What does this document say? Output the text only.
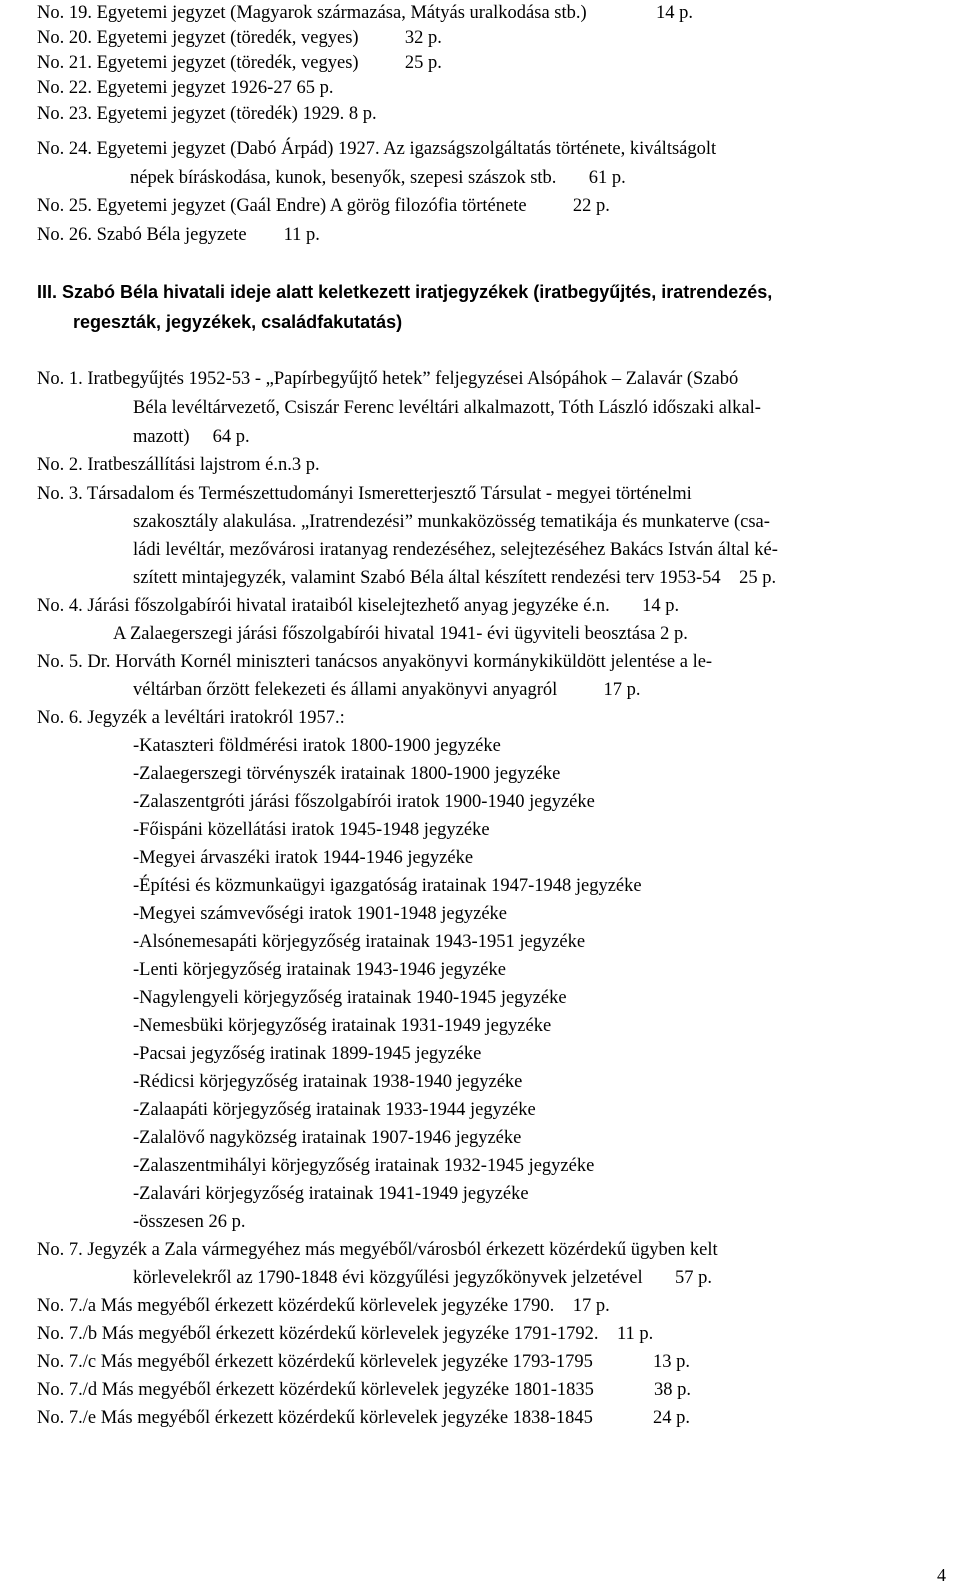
No. 19. Egyetemi jegyzet (Magyarok származása, Mátyás uralkodása stb.)               14 p.
No. 20. Egyetemi jegyzet (töredék, vegyes)          32 p.
No. 21. Egyetemi jegyzet (töredék, vegyes)          25 p.
No. 22. Egyetemi jegyzet 1926-27 65 p.
No. 23. Egyetemi jegyzet (töredék) 1929. 8 p.
No. 24. Egyetemi jegyzet (Dabó Árpád) 1927. Az igazságszolgáltatás története, kiváltságolt
népek bíráskodása, kunok, besenyők, szepesi szászok stb.       61 p.
No. 25. Egyetemi jegyzet (Gaál Endre) A görög filozófia története          22 p.
No. 26. Szabó Béla jegyzete        11 p.
III. Szabó Béla hivatali ideje alatt keletkezett iratjegyzékek (iratbegyűjtés, iratrendezés,
regeszták, jegyzékek, családfakutatás)
No. 1. Iratbegyűjtés 1952-53 - „Papírbegyűjtő hetek” feljegyzései Alsópáhok – Zalavár (Szabó
Béla levéltárvezető, Csiszár Ferenc levéltári alkalmazott, Tóth László időszaki alkal-
mazott)     64 p.
No. 2. Iratbeszállítási lajstrom é.n.3 p.
No. 3. Társadalom és Természettudományi Ismeretterjesztő Társulat - megyei történelmi
szakosztály alakulása. „Iratrendezési” munkaközösség tematikája és munkaterve (csa-
ládi levéltár, mezővárosi iratanyag rendezéséhez, selejtezéséhez Bakács István által ké-
szített mintajegyzék, valamint Szabó Béla által készített rendezési terv 1953-54    25 p.
No. 4. Járási főszolgabírói hivatal irataiból kiselejtezhető anyag jegyzéke é.n.       14 p.
A Zalaegerszegi járási főszolgabírói hivatal 1941- évi ügyviteli beosztása 2 p.
No. 5. Dr. Horváth Kornél miniszteri tanácsos anyakönyvi kormánykiküldött jelentése a le-
véltárban őrzött felekezeti és állami anyakönyvi anyagról          17 p.
No. 6. Jegyzék a levéltári iratokról 1957.:
-Kataszteri földmérési iratok 1800-1900 jegyzéke
-Zalaegerszegi törvényszék iratainak 1800-1900 jegyzéke
-Zalaszentgróti járási főszolgabírói iratok 1900-1940 jegyzéke
-Főispáni közellátási iratok 1945-1948 jegyzéke
-Megyei árvaszéki iratok 1944-1946 jegyzéke
-Építési és közmunkaügyi igazgatóság iratainak 1947-1948 jegyzéke
-Megyei számvevőségi iratok 1901-1948 jegyzéke
-Alsónemesapáti körjegyzőség iratainak 1943-1951 jegyzéke
-Lenti körjegyzőség iratainak 1943-1946 jegyzéke
-Nagylengyeli körjegyzőség iratainak 1940-1945 jegyzéke
-Nemesbüki körjegyzőség iratainak 1931-1949 jegyzéke
-Pacsai jegyzőség iratinak 1899-1945 jegyzéke
-Rédicsi körjegyzőség iratainak 1938-1940 jegyzéke
-Zalaapáti körjegyzőség iratainak 1933-1944 jegyzéke
-Zalalövő nagyközség iratainak 1907-1946 jegyzéke
-Zalaszentmihályi körjegyzőség iratainak 1932-1945 jegyzéke
-Zalavári körjegyzőség iratainak 1941-1949 jegyzéke
-összesen 26 p.
No. 7. Jegyzék a Zala vármegyéhez más megyéből/városból érkezett közérdekű ügyben kelt
körlevelekről az 1790-1848 évi közgyűlési jegyzőkönyvek jelzetével       57 p.
No. 7./a Más megyéből érkezett közérdekű körlevelek jegyzéke 1790.    17 p.
No. 7./b Más megyéből érkezett közérdekű körlevelek jegyzéke 1791-1792.    11 p.
No. 7./c Más megyéből érkezett közérdekű körlevelek jegyzéke 1793-1795             13 p.
No. 7./d Más megyéből érkezett közérdekű körlevelek jegyzéke 1801-1835             38 p.
No. 7./e Más megyéből érkezett közérdekű körlevelek jegyzéke 1838-1845             24 p.
4
